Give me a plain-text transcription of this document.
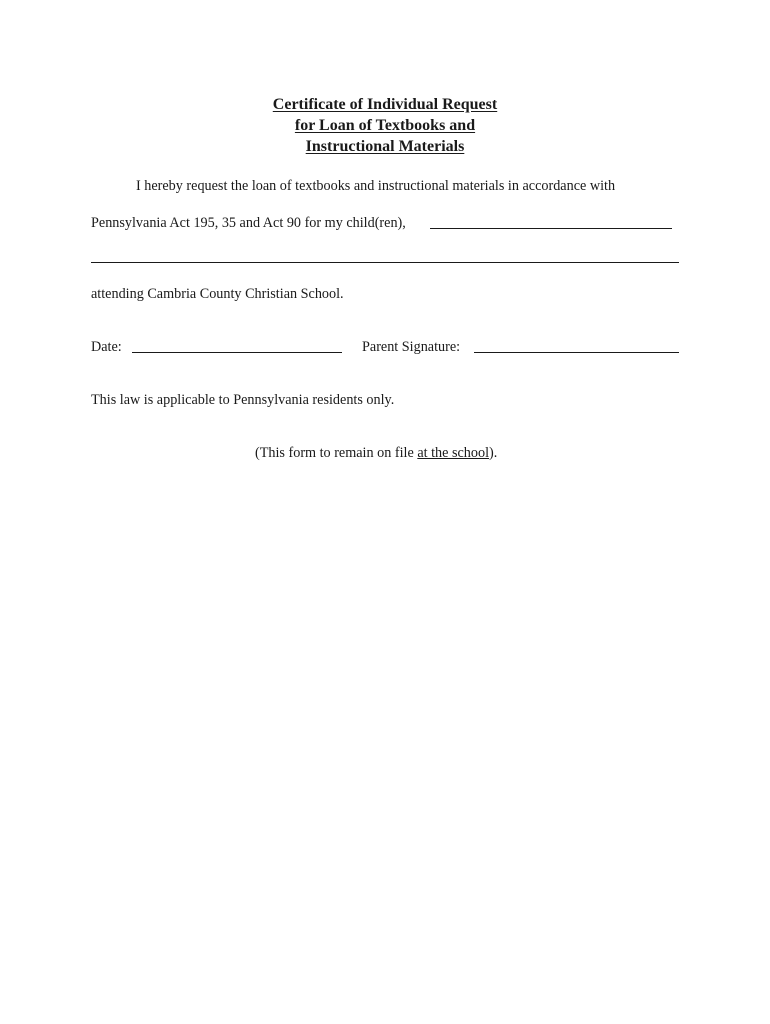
Certificate of Individual Request
for Loan of Textbooks and
Instructional Materials
I hereby request the loan of textbooks and instructional materials in accordance with
Pennsylvania Act 195, 35 and Act 90 for my child(ren),
attending Cambria County Christian School.
Date:	Parent Signature:
This law is applicable to Pennsylvania residents only.
(This form to remain on file at the school).
